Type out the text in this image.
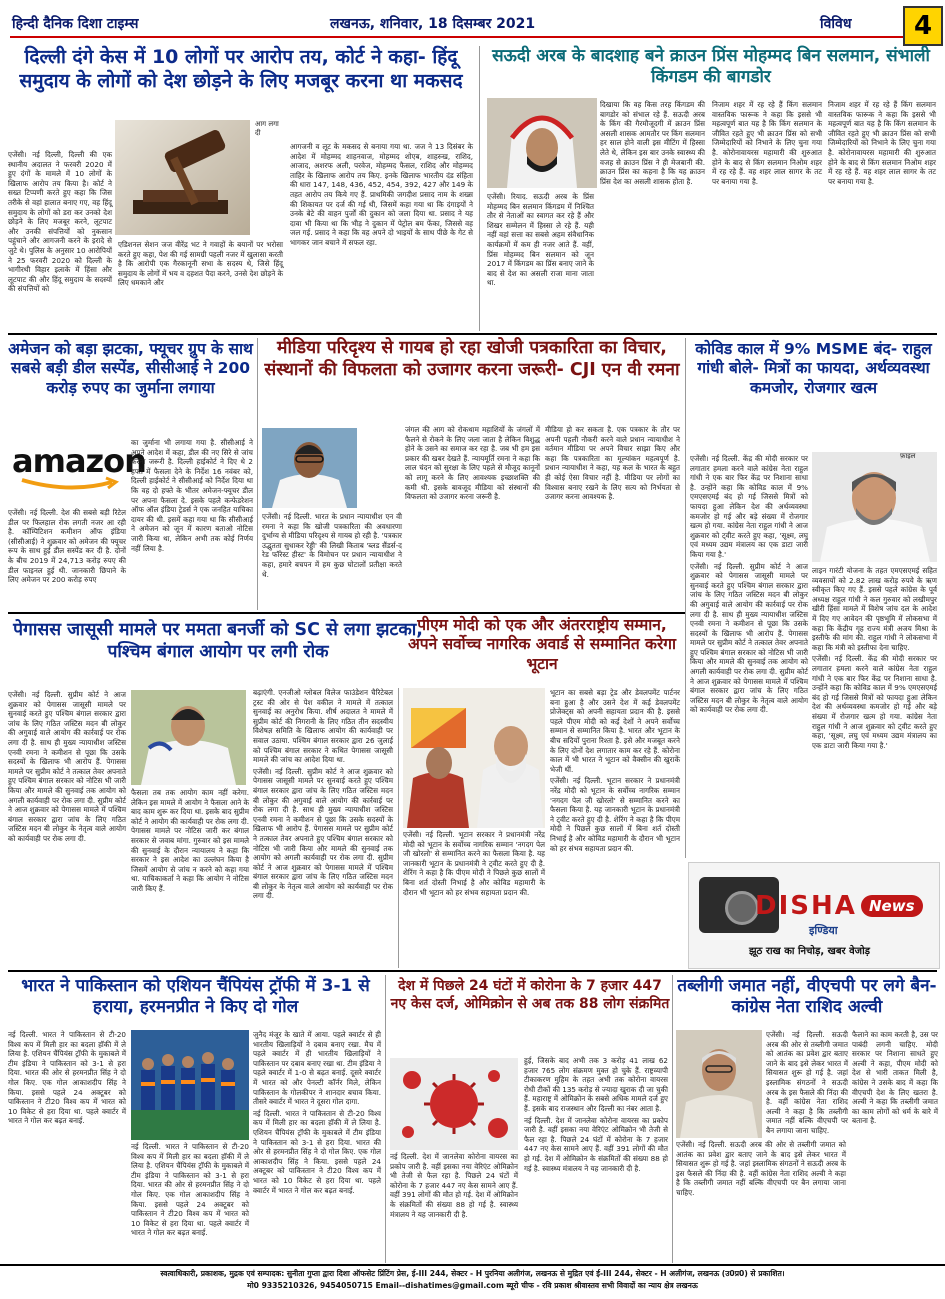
हिन्दी दैनिक दिशा टाइम्स	लखनऊ, शनिवार, 18 दिसम्बर 2021	विविध	4
दिल्ली दंगे केस में 10 लोगों पर आरोप तय, कोर्ट ने कहा- हिंदू समुदाय के लोगों को देश छोड़ने के लिए मजबूर करना था मकसद
आग लगा दी
एजेंसी। नई दिल्ली, दिल्ली की एक स्थानीय अदालत ने फरवरी 2020 में हुए दंगों के मामले में 10 लोगों के खिलाफ आरोप तय किया है। कोर्ट ने सख्त टिप्पणी करते हुए कहा कि जिस तरीके से वहां हालात बनाए गए, वह हिंदू समुदाय के लोगों को डरा कर उनको देश छोड़ने के लिए मजबूर करने, लूटपाट और उनकी संपत्तियों को नुकसान पहुंचाने और आगजनी करने के इरादे से जुटे थे। पुलिस के अनुसार 10 आरोपियों ने 25 फरवरी 2020 को दिल्ली के भागीरथी विहार इलाके में हिंसा और लूटपाट की और हिंदू समुदाय के सदस्यों की संपत्तियों को
एडिशनल सेशन जज वीरेंद्र भट ने गवाहों के बयानों पर भरोसा करते हुए कहा, पेश की गई सामग्री पहली नजर में खुलासा करती है कि आरोपी एक गैरकानूनी सभा के सदस्य थे, जिसे हिंदू समुदाय के लोगों में भय व दहशत पैदा करने, उनसे देश छोड़ने के लिए धमकाने और
आगजनी व लूट के मकसद से बनाया गया था. जज ने 13 दिसंबर के आदेश में मोहम्मद शाहनवाज, मोहम्मद शोएब, शाहरुख, राशिद, आजाद, अशरफ अली, परवेज, मोहम्मद फैसल, राशिद और मोहम्मद ताहिर के खिलाफ आरोप तय किए. इनके खिलाफ भारतीय दंड संहिता की धारा 147, 148, 436, 452, 454, 392, 427 और 149 के तहत आरोप तय किये गए हैं. प्राथमिकी जगदीश प्रसाद नाम के शख्स की शिकायत पर दर्ज की गई थी, जिसमें कहा गया था कि दंगाइयों ने उनके बेटे की वाहन पुर्जों की दुकान को जला दिया था. प्रसाद ने यह दावा भी किया था कि भीड़ ने दुकान में पेट्रोल बम फेंका, जिससे वह जल गई. प्रसाद ने कहा कि वह अपने दो भाइयों के साथ पीछे के गेट से भागकर जान बचाने में सफल रहा.
सऊदी अरब के बादशाह बने क्राउन प्रिंस मोहम्मद बिन सलमान, संभाली किंगडम की बागडोर
एजेंसी। रियाद. सऊदी अरब के प्रिंस मोहम्मद बिन सलमान किंगडम में निश्चित तौर से नेताओं का स्वागत कर रहे हैं और शिखर सम्मेलन में हिस्सा ले रहे हैं. यही नहीं वहां सत्ता का सबसे अहम संवैधानिक कार्यक्रमों में कम ही नजर आते हैं. वहीं, प्रिंस मोहम्मद बिन सलमान को जून 2017 में किंगडम का प्रिंस बनाए जाने के बाद से देश का असली राजा माना जाता था.
दिखाया कि वह किस तरह किंगडम की बागडोर को संभाल रहे हैं. सऊदी अरब के किंग की गैरमौजूदगी में क्राउन प्रिंस असली शासक आमतौर पर किंग सलमान हर साल होने वाली इस मीटिंग में हिस्सा लेते थे, लेकिन इस बार उनके स्वास्थ्य की वजह से क्राउन प्रिंस ने ही मेजबानी की. क्राउन प्रिंस का कहना है कि यह क्राउन प्रिंस देश का असली शासक होता है.
निजाम शहर में रह रहे हैं किंग सलमान वास्तविक फारूक ने कहा कि इससे भी महत्वपूर्ण बात यह है कि किंग सलमान के जीवित रहते हुए भी क्राउन प्रिंस को सभी जिम्मेदारियों को निभाने के लिए चुना गया है. कोरोनावायरस महामारी की शुरुआत होने के बाद से किंग सलमान निओम शहर में रह रहे हैं. वह शहर लाल सागर के तट पर बनाया गया है.
निजाम शहर में रह रहे हैं किंग सलमान वास्तविक फारूक ने कहा कि इससे भी महत्वपूर्ण बात यह है कि किंग सलमान के जीवित रहते हुए भी क्राउन प्रिंस को सभी जिम्मेदारियों को निभाने के लिए चुना गया है. कोरोनावायरस महामारी की शुरुआत होने के बाद से किंग सलमान निओम शहर में रह रहे हैं. वह शहर लाल सागर के तट पर बनाया गया है.
अमेजन को बड़ा झटका, फ्यूचर ग्रुप के साथ सबसे बड़ी डील सस्पेंड, सीसीआई ने 200 करोड़ रुपए का जुर्माना लगाया
amazon
एजेंसी। नई दिल्ली. देश की सबसे बड़ी रिटेल डील पर फिलहाल रोक लगती नजर आ रही है. कॉम्पिटिशन कमीशन ऑफ इंडिया (सीसीआई) ने शुक्रवार को अमेजन की फ्यूचर रूप के साथ हुई डील सस्पेंड कर दी है. दोनों के बीच 2019 में 24,713 करोड़ रुपए की डील फाइनल हुई थी. जानकारी छिपाने के लिए अमेजन पर 200 करोड़ रुपए
का जुर्माना भी लगाया गया है. सीसीआई ने अपने आदेश में कहा, डील की नए सिरे से जांच करना जरूरी है. दिल्ली हाईकोर्ट ने दिए थे 2 हफ्ते में फैसला देने के निर्देश 16 नवंबर को, दिल्ली हाईकोर्ट ने सीसीआई को निर्देश दिया था कि वह दो हफ्ते के भीतर अमेजन-फ्यूचर डील पर अपना फैसला दे. इसके पहले कन्फेडरेशन ऑफ ऑल इंडिया ट्रेडर्स ने एक जनहित याचिका दायर की थी. इसमें कहा गया था कि सीसीआई ने अमेजन को जून में कारण बताओ नोटिस जारी किया था, लेकिन अभी तक कोई निर्णय नहीं लिया है.
मीडिया परिदृश्य से गायब हो रहा खोजी पत्रकारिता का विचार, संस्थानों की विफलता को उजागर करना जरूरी- CJI एन वी रमना
एजेंसी। नई दिल्ली. भारत के प्रधान न्यायाधीश एन वी रमना ने कहा कि खोजी पत्रकारिता की अवधारणा दुर्भाग्य से मीडिया परिदृश्य से गायब हो रही है. 'पत्रकार उद्भुतता सुधाकर रेड्डी' की लिखी किताब 'ब्लड सैंडर्स-द रेड फॉरेस्ट हीस्ट' के विमोचन पर प्रधान न्यायाधीश ने कहा, हमारे बचपन में हम कुछ घोटालों प्रतीक्षा करते थे.
जंगल की आग को रोकथाम महाशियों के जंगलों में फैलने से रोकने के लिए जला जाता है लेकिन विशुद्ध होने के उसने का समाज कर रहा है. जब भी हम इस प्रकार की खबर देखते हैं. न्यायमूर्ति रमना ने कहा कि लाल चंदन को सुरक्षा के लिए पहले से मौजूद कानूनों को लागू करने के लिए आवश्यक इच्छाशक्ति की कमी थी. इसके बावजूद मीडिया को संस्थानों की विफलता को उजागर करना जरूरी है.
मीडिया हो कर सकता है. एक पत्रकार के तौर पर अपनी पहली नौकरी करने वाले प्रधान न्यायाधीश ने वर्तमान मीडिया पर अपने विचार साझा किए और कहा कि पत्रकारिता का मूल्यांकन महत्वपूर्ण है. प्रधान न्यायाधीश ने कहा, यह कल के भारत के बहुत ही कोई ऐसा विचार नहीं है. मीडिया पर लोगों का विश्वास बनाए रखने के लिए सत्य को निर्भयता से उजागर करना आवश्यक है.
कोविड काल में 9% MSME बंद- राहुल गांधी बोले- मित्रों का फायदा, अर्थव्यवस्था कमजोर, रोजगार खत्म
फ़ाइल
एजेंसी। नई दिल्ली. केंद्र की मोदी सरकार पर लगातार हमला करने वाले कांग्रेस नेता राहुल गांधी ने एक बार फिर केंद्र पर निशाना साधा है. उन्होंने कहा कि कोविड काल में 9% एमएसएमई बंद हो गई जिससे मित्रों को फायदा हुआ लेकिन देश की अर्थव्यवस्था कमजोर हो गई और बड़े संख्या में रोजगार खत्म हो गया. कांग्रेस नेता राहुल गांधी ने आज शुक्रवार को ट्वीट करते हुए कहा, 'सूक्ष्म, लघु एवं मध्यम उद्यम मंत्रालय का एक डाटा जारी किया गया है.'
एजेंसी। नई दिल्ली. सुप्रीम कोर्ट ने आज शुक्रवार को पेगासस जासूसी मामले पर सुनवाई करते हुए पश्चिम बंगाल सरकार द्वारा जांच के लिए गठित जस्टिस मदन बी लोकुर की अगुवाई वाले आयोग की कार्रवाई पर रोक लगा दी है. साथ ही मुख्य न्यायाधीश जस्टिस एनवी रमना ने कमीशन से पूछा कि उसके सदस्यों के खिलाफ भी आरोप हैं. पेगासस मामले पर सुप्रीम कोर्ट ने तत्काल तेवर अपनाते हुए पश्चिम बंगाल सरकार को नोटिस भी जारी किया और मामले की सुनवाई तक आयोग को अगली कार्यवाही पर रोक लगा दी. सुप्रीम कोर्ट ने आज शुक्रवार को पेगासस मामले में पश्चिम बंगाल सरकार द्वारा जांच के लिए गठित जस्टिस मदन बी लोकुर के नेतृत्व वाले आयोग को कार्यवाही पर रोक लगा दी.
लाइन गारंटी योजना के तहत एमएसएमई सहित व्यवसायों को 2.82 लाख करोड़ रुपये के ऋण स्वीकृत किए गए हैं. इससे पहले कांग्रेस के पूर्व अध्यक्ष राहुल गांधी ने कल गुरुवार को लखीमपुर खीरी हिंसा मामले में विशेष जांच दल के आदेश में दिए गए आवेदन की पृष्ठभूमि में लोकसभा में कहा कि केंद्रीय गृह राज्य मंत्री अजय मिश्रा के इस्तीफे की मांग की. राहुल गांधी ने लोकसभा में कहा कि मंत्री को इस्तीफा देना चाहिए.
एजेंसी। नई दिल्ली. केंद्र की मोदी सरकार पर लगातार हमला करने वाले कांग्रेस नेता राहुल गांधी ने एक बार फिर केंद्र पर निशाना साधा है. उन्होंने कहा कि कोविड काल में 9% एमएसएमई बंद हो गई जिससे मित्रों को फायदा हुआ लेकिन देश की अर्थव्यवस्था कमजोर हो गई और बड़े संख्या में रोजगार खत्म हो गया. कांग्रेस नेता राहुल गांधी ने आज शुक्रवार को ट्वीट करते हुए कहा, 'सूक्ष्म, लघु एवं मध्यम उद्यम मंत्रालय का एक डाटा जारी किया गया है.'
पेगासस जासूसी मामले पर ममता बनर्जी को SC से लगा झटका, पश्चिम बंगाल आयोग पर लगी रोक
एजेंसी। नई दिल्ली. सुप्रीम कोर्ट ने आज शुक्रवार को पेगासस जासूसी मामले पर सुनवाई करते हुए पश्चिम बंगाल सरकार द्वारा जांच के लिए गठित जस्टिस मदन बी लोकुर की अगुवाई वाले आयोग की कार्रवाई पर रोक लगा दी है. साथ ही मुख्य न्यायाधीश जस्टिस एनवी रमना ने कमीशन से पूछा कि उसके सदस्यों के खिलाफ भी आरोप हैं. पेगासस मामले पर सुप्रीम कोर्ट ने तत्काल तेवर अपनाते हुए पश्चिम बंगाल सरकार को नोटिस भी जारी किया और मामले की सुनवाई तक आयोग को अगली कार्यवाही पर रोक लगा दी. सुप्रीम कोर्ट ने आज शुक्रवार को पेगासस मामले में पश्चिम बंगाल सरकार द्वारा जांच के लिए गठित जस्टिस मदन बी लोकुर के नेतृत्व वाले आयोग को कार्यवाही पर रोक लगा दी.
फैसला तब तक आयोग काम नहीं करेगा. लेकिन इस मामले में आयोग ने फैसला आने के बाद काम शुरू कर दिया था. इसके बाद सुप्रीम कोर्ट ने आयोग की कार्यवाही पर रोक लगा दी. पेगासस मामले पर नोटिस जारी कर बंगाल सरकार से जवाब मांगा. गुरुवार को इस मामले की सुनवाई के दौरान न्यायालय ने कहा कि सरकार ने इस आदेश का उल्लंघन किया है जिसमें आयोग से जांच न करने को कहा गया था. याचिकाकर्ता ने कहा कि आयोग ने नोटिस जारी किए हैं.
बढ़ाएंगी. एनजीओ ग्लोबल विलेज फाउंडेशन चैरिटेबल ट्रस्ट की ओर से पेश वकील ने मामले में तत्काल सुनवाई का अनुरोध किया. शीर्ष अदालत ने मामले में सुप्रीम कोर्ट की निगरानी के लिए गठित तीन सदस्यीय विशेषज्ञ समिति के खिलाफ आयोग की कार्यवाही पर सवाल उठाया. पश्चिम बंगाल सरकार द्वारा 26 जुलाई को पश्चिम बंगाल सरकार ने कथित पेगासस जासूसी मामले की जांच का आदेश दिया था.
एजेंसी। नई दिल्ली. सुप्रीम कोर्ट ने आज शुक्रवार को पेगासस जासूसी मामले पर सुनवाई करते हुए पश्चिम बंगाल सरकार द्वारा जांच के लिए गठित जस्टिस मदन बी लोकुर की अगुवाई वाले आयोग की कार्रवाई पर रोक लगा दी है. साथ ही मुख्य न्यायाधीश जस्टिस एनवी रमना ने कमीशन से पूछा कि उसके सदस्यों के खिलाफ भी आरोप हैं. पेगासस मामले पर सुप्रीम कोर्ट ने तत्काल तेवर अपनाते हुए पश्चिम बंगाल सरकार को नोटिस भी जारी किया और मामले की सुनवाई तक आयोग को अगली कार्यवाही पर रोक लगा दी. सुप्रीम कोर्ट ने आज शुक्रवार को पेगासस मामले में पश्चिम बंगाल सरकार द्वारा जांच के लिए गठित जस्टिस मदन बी लोकुर के नेतृत्व वाले आयोग को कार्यवाही पर रोक लगा दी.
पीएम मोदी को एक और अंतरराष्ट्रीय सम्मान, अपने सर्वोच्च नागरिक अवार्ड से सम्मानित करेगा भूटान
एजेंसी। नई दिल्ली. भूटान सरकार ने प्रधानमंत्री नरेंद्र मोदी को भूटान के सर्वोच्च नागरिक सम्मान 'नगदग पेल जी खोरलो' से सम्मानित करने का फैसला किया है. यह जानकारी भूटान के प्रधानमंत्री ने ट्वीट करते हुए दी है. शेरिंग ने कहा है कि पीएम मोदी ने पिछले कुछ सालों में बिना शर्त दोस्ती निभाई है और कोविड महामारी के दौरान भी भूटान को हर संभव सहायता प्रदान की.
भूटान का सबसे बड़ा ट्रेड और डेवलपमेंट पार्टनर बना हुआ है और उसने देश में कई डेवलपमेंट प्रोजेक्ट्स को अपनी सहायता प्रदान की है. इससे पहले पीएम मोदी को कई देशों ने अपने सर्वोच्च सम्मान से सम्मानित किया है. भारत और भूटान के बीच सदियों पुराना रिश्ता है. इसे और मजबूत करने के लिए दोनों देश लगातार काम कर रहे हैं. कोरोना काल में भी भारत ने भूटान को वैक्सीन की खुराकें भेजी थीं.
एजेंसी। नई दिल्ली. भूटान सरकार ने प्रधानमंत्री नरेंद्र मोदी को भूटान के सर्वोच्च नागरिक सम्मान 'नगदग पेल जी खोरलो' से सम्मानित करने का फैसला किया है. यह जानकारी भूटान के प्रधानमंत्री ने ट्वीट करते हुए दी है. शेरिंग ने कहा है कि पीएम मोदी ने पिछले कुछ सालों में बिना शर्त दोस्ती निभाई है और कोविड महामारी के दौरान भी भूटान को हर संभव सहायता प्रदान की.
DISHA News
इण्डिया
झूठ राख का निचोड़, खबर वेजोड़
भारत ने पाकिस्तान को एशियन चैंपियंस ट्रॉफी में 3-1 से हराया, हरमनप्रीत ने किए दो गोल
नई दिल्ली. भारत ने पाकिस्तान से टी-20 विश्व कप में मिली हार का बदला हॉकी में ले लिया है. एशियन चैंपियंस ट्रॉफी के मुकाबले में टीम इंडिया ने पाकिस्तान को 3-1 से हरा दिया. भारत की ओर से हरमनप्रीत सिंह ने दो गोल किए. एक गोल आकाशदीप सिंह ने किया. इससे पहले 24 अक्टूबर को पाकिस्तान ने टी20 विश्व कप में भारत को 10 विकेट से हरा दिया था. पहले क्वार्टर में भारत ने गोल कर बढ़त बनाई.
नई दिल्ली. भारत ने पाकिस्तान से टी-20 विश्व कप में मिली हार का बदला हॉकी में ले लिया है. एशियन चैंपियंस ट्रॉफी के मुकाबले में टीम इंडिया ने पाकिस्तान को 3-1 से हरा दिया. भारत की ओर से हरमनप्रीत सिंह ने दो गोल किए. एक गोल आकाशदीप सिंह ने किया. इससे पहले 24 अक्टूबर को पाकिस्तान ने टी20 विश्व कप में भारत को 10 विकेट से हरा दिया था. पहले क्वार्टर में भारत ने गोल कर बढ़त बनाई.
जुनैद मंजूर के खाते में आया. पहले क्वार्टर से ही भारतीय खिलाड़ियों ने दबाव बनाए रखा. मैच में पहले क्वार्टर में ही भारतीय खिलाड़ियों ने पाकिस्तान पर दबाव बनाए रखा था. टीम इंडिया ने पहले क्वार्टर में 1-0 से बढ़त बनाई. दूसरे क्वार्टर में भारत को और पेनल्टी कॉर्नर मिले, लेकिन पाकिस्तान के गोलकीपर ने शानदार बचाव किया. तीसरे क्वार्टर में भारत ने दूसरा गोल दागा.
नई दिल्ली. भारत ने पाकिस्तान से टी-20 विश्व कप में मिली हार का बदला हॉकी में ले लिया है. एशियन चैंपियंस ट्रॉफी के मुकाबले में टीम इंडिया ने पाकिस्तान को 3-1 से हरा दिया. भारत की ओर से हरमनप्रीत सिंह ने दो गोल किए. एक गोल आकाशदीप सिंह ने किया. इससे पहले 24 अक्टूबर को पाकिस्तान ने टी20 विश्व कप में भारत को 10 विकेट से हरा दिया था. पहले क्वार्टर में भारत ने गोल कर बढ़त बनाई.
देश में पिछले 24 घंटों में कोरोना के 7 हजार 447 नए केस दर्ज, ओमिक्रोन से अब तक 88 लोग संक्रमित
नई दिल्ली. देश में जानलेवा कोरोना वायरस का प्रकोप जारी है. वहीं इसका नया वेरिएंट ओमिक्रोन भी तेजी से फैल रहा है. पिछले 24 घंटों में कोरोना के 7 हजार 447 नए केस सामने आए हैं. वहीं 391 लोगों की मौत हो गई. देश में ओमिक्रोन के संक्रमितों की संख्या 88 हो गई है. स्वास्थ्य मंत्रालय ने यह जानकारी दी है.
हुई, जिसके बाद अभी तक 3 करोड़ 41 लाख 62 हजार 765 लोग संक्रमण मुक्त हो चुके हैं. राष्ट्रव्यापी टीकाकरण मुहिम के तहत अभी तक कोरोना वायरस रोधी टीकों की 135 करोड़ से ज्यादा खुराक दी जा चुकी हैं. महाराष्ट्र में ओमिक्रोन के सबसे अधिक मामले दर्ज हुए हैं. इसके बाद राजस्थान और दिल्ली का नंबर आता है.
नई दिल्ली. देश में जानलेवा कोरोना वायरस का प्रकोप जारी है. वहीं इसका नया वेरिएंट ओमिक्रोन भी तेजी से फैल रहा है. पिछले 24 घंटों में कोरोना के 7 हजार 447 नए केस सामने आए हैं. वहीं 391 लोगों की मौत हो गई. देश में ओमिक्रोन के संक्रमितों की संख्या 88 हो गई है. स्वास्थ्य मंत्रालय ने यह जानकारी दी है.
तब्लीगी जमात नहीं, वीएचपी पर लगे बैन-कांग्रेस नेता राशिद अल्वी
एजेंसी। नई दिल्ली. सऊदी अरब की ओर से तब्लीगी जमात को आतंक का प्रवेश द्वार बताए जाने के बाद इसे लेकर भारत में सियासत शुरू हो गई है. जहां इस्लामिक संगठनों ने सऊदी अरब के इस फैसले की निंदा की है. वहीं कांग्रेस नेता राशिद अल्वी ने कहा है कि तब्लीगी जमात नहीं बल्कि वीएचपी पर बैन लगाया जाना चाहिए.
एजेंसी। नई दिल्ली. सऊदी अरब की ओर से तब्लीगी जमात को आतंक का प्रवेश द्वार बताए जाने के बाद इसे लेकर भारत में सियासत शुरू हो गई है. जहां इस्लामिक संगठनों ने सऊदी अरब के इस फैसले की निंदा की है. वहीं कांग्रेस नेता राशिद अल्वी ने कहा है कि तब्लीगी जमात नहीं बल्कि वीएचपी पर बैन लगाया जाना चाहिए.
फैलाने का काम करती है, उस पर पाबंदी लगनी चाहिए. मोदी सरकार पर निशाना साधते हुए अल्वी ने कहा, पीएम मोदी को देश से भारी ताकत मिली है, कांग्रेस ने उसके बाद में कहा कि वीएचपी देश के लिए खतरा है. अल्वी ने कहा कि तब्लीगी जमात का काम लोगों को धर्म के बारे में बताना है.
स्वत्वाधिकारी, प्रकाशक, मुद्रक एवं सम्पादक: सुनीता गुप्ता द्वारा दिशा ऑफसेट प्रिंटिंग प्रेस, ई-III 244, सेक्टर - H पुरनिया अलीगंज, लखनऊ से मुद्रित एवं ई-III 244, सेक्टर - H अलीगंज, लखनऊ (उ0प्र0) से प्रकाशित।
मो0 9335210326, 9454050715 Email--dishatimes@gmail.com ब्यूरो चीफ - रवि प्रकाश श्रीवास्तव सभी विवादों का न्याय क्षेत्र लखनऊ
